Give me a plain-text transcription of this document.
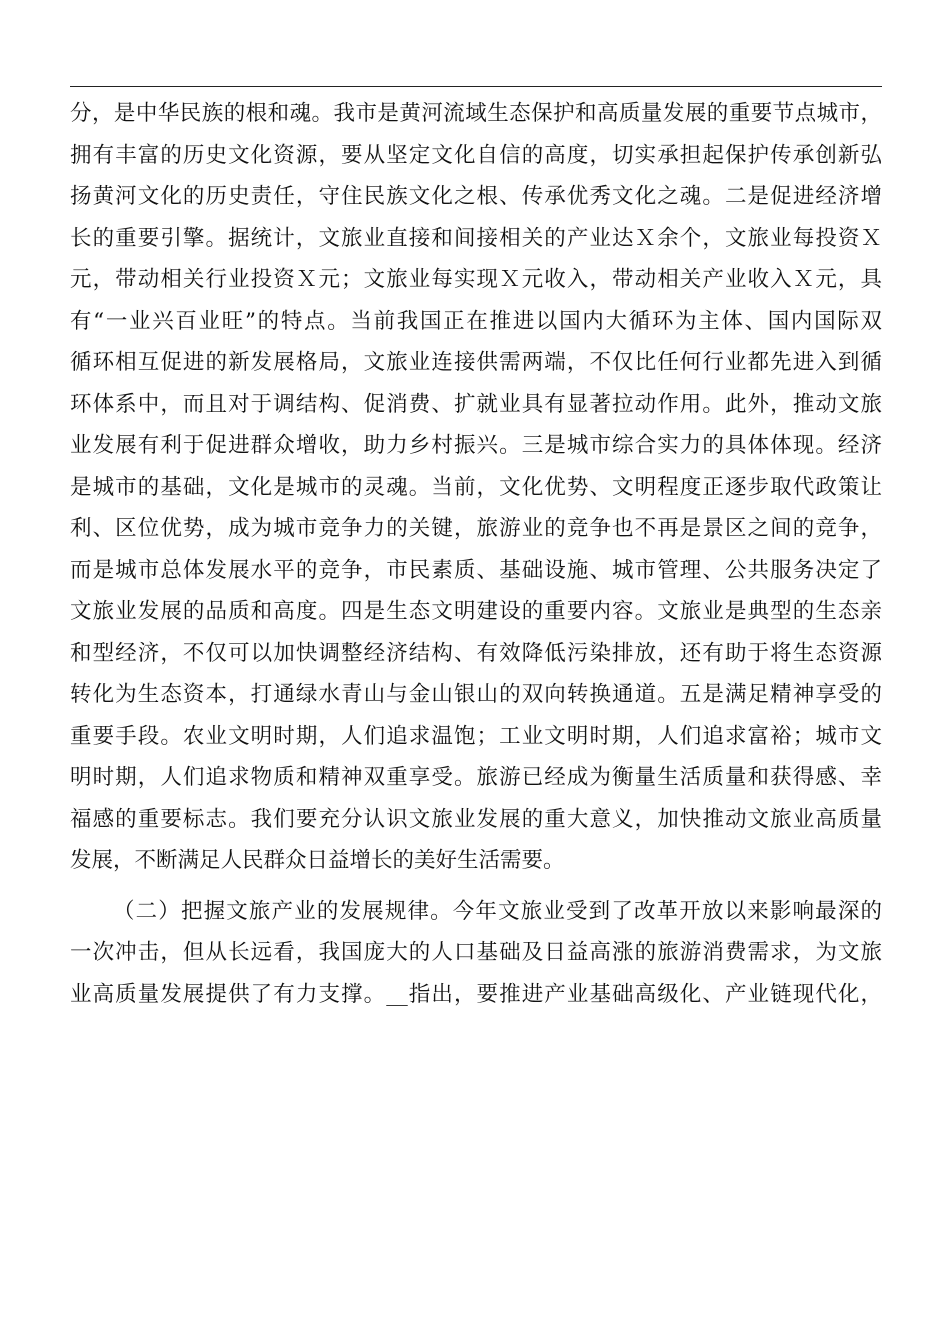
分，是中华民族的根和魂。我市是黄河流域生态保护和高质量发展的重要节点城市，
拥有丰富的历史文化资源，要从坚定文化自信的高度，切实承担起保护传承创新弘
扬黄河文化的历史责任，守住民族文化之根、传承优秀文化之魂。二是促进经济增
长的重要引擎。据统计，文旅业直接和间接相关的产业达Ｘ余个，文旅业每投资Ｘ
元，带动相关行业投资Ｘ元；文旅业每实现Ｘ元收入，带动相关产业收入Ｘ元，具
有“一业兴百业旺”的特点。当前我国正在推进以国内大循环为主体、国内国际双
循环相互促进的新发展格局，文旅业连接供需两端，不仅比任何行业都先进入到循
环体系中，而且对于调结构、促消费、扩就业具有显著拉动作用。此外，推动文旅
业发展有利于促进群众增收，助力乡村振兴。三是城市综合实力的具体体现。经济
是城市的基础，文化是城市的灵魂。当前，文化优势、文明程度正逐步取代政策让
利、区位优势，成为城市竞争力的关键，旅游业的竞争也不再是景区之间的竞争，
而是城市总体发展水平的竞争，市民素质、基础设施、城市管理、公共服务决定了
文旅业发展的品质和高度。四是生态文明建设的重要内容。文旅业是典型的生态亲
和型经济，不仅可以加快调整经济结构、有效降低污染排放，还有助于将生态资源
转化为生态资本，打通绿水青山与金山银山的双向转换通道。五是满足精神享受的
重要手段。农业文明时期，人们追求温饱；工业文明时期，人们追求富裕；城市文
明时期，人们追求物质和精神双重享受。旅游已经成为衡量生活质量和获得感、幸
福感的重要标志。我们要充分认识文旅业发展的重大意义，加快推动文旅业高质量
发展，不断满足人民群众日益增长的美好生活需要。
（二）把握文旅产业的发展规律。今年文旅业受到了改革开放以来影响最深的
一次冲击，但从长远看，我国庞大的人口基础及日益高涨的旅游消费需求，为文旅
业高质量发展提供了有力支撑。__指出，要推进产业基础高级化、产业链现代化，
